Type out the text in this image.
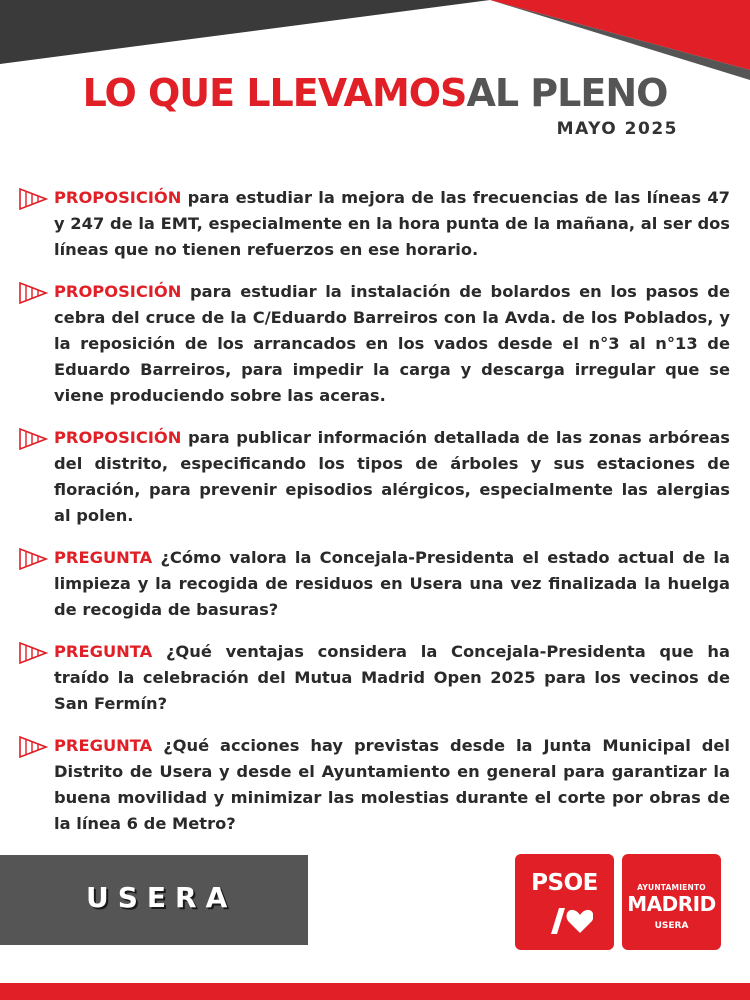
LO QUE LLEVAMOSAL PLENO
MAYO 2025

PROPOSICIÓN para estudiar la mejora de las frecuencias de las líneas 47 y 247 de la EMT, especialmente en la hora punta de la mañana, al ser dos líneas que no tienen refuerzos en ese horario.

PROPOSICIÓN para estudiar la instalación de bolardos en los pasos de cebra del cruce de la C/Eduardo Barreiros con la Avda. de los Poblados, y la reposición de los arrancados en los vados desde el n°3 al n°13 de Eduardo Barreiros, para impedir la carga y descarga irregular que se viene produciendo sobre las aceras.

PROPOSICIÓN para publicar información detallada de las zonas arbóreas del distrito, especificando los tipos de árboles y sus estaciones de floración, para prevenir episodios alérgicos, especialmente las alergias al polen.

PREGUNTA ¿Cómo valora la Concejala-Presidenta el estado actual de la limpieza y la recogida de residuos en Usera una vez finalizada la huelga de recogida de basuras?

PREGUNTA ¿Qué ventajas considera la Concejala-Presidenta que ha traído la celebración del Mutua Madrid Open 2025 para los vecinos de San Fermín?

PREGUNTA ¿Qué acciones hay previstas desde la Junta Municipal del Distrito de Usera y desde el Ayuntamiento en general para garantizar la buena movilidad y minimizar las molestias durante el corte por obras de la línea 6 de Metro?

USERA	PSOE	AYUNTAMIENTO
MADRID
USERA
